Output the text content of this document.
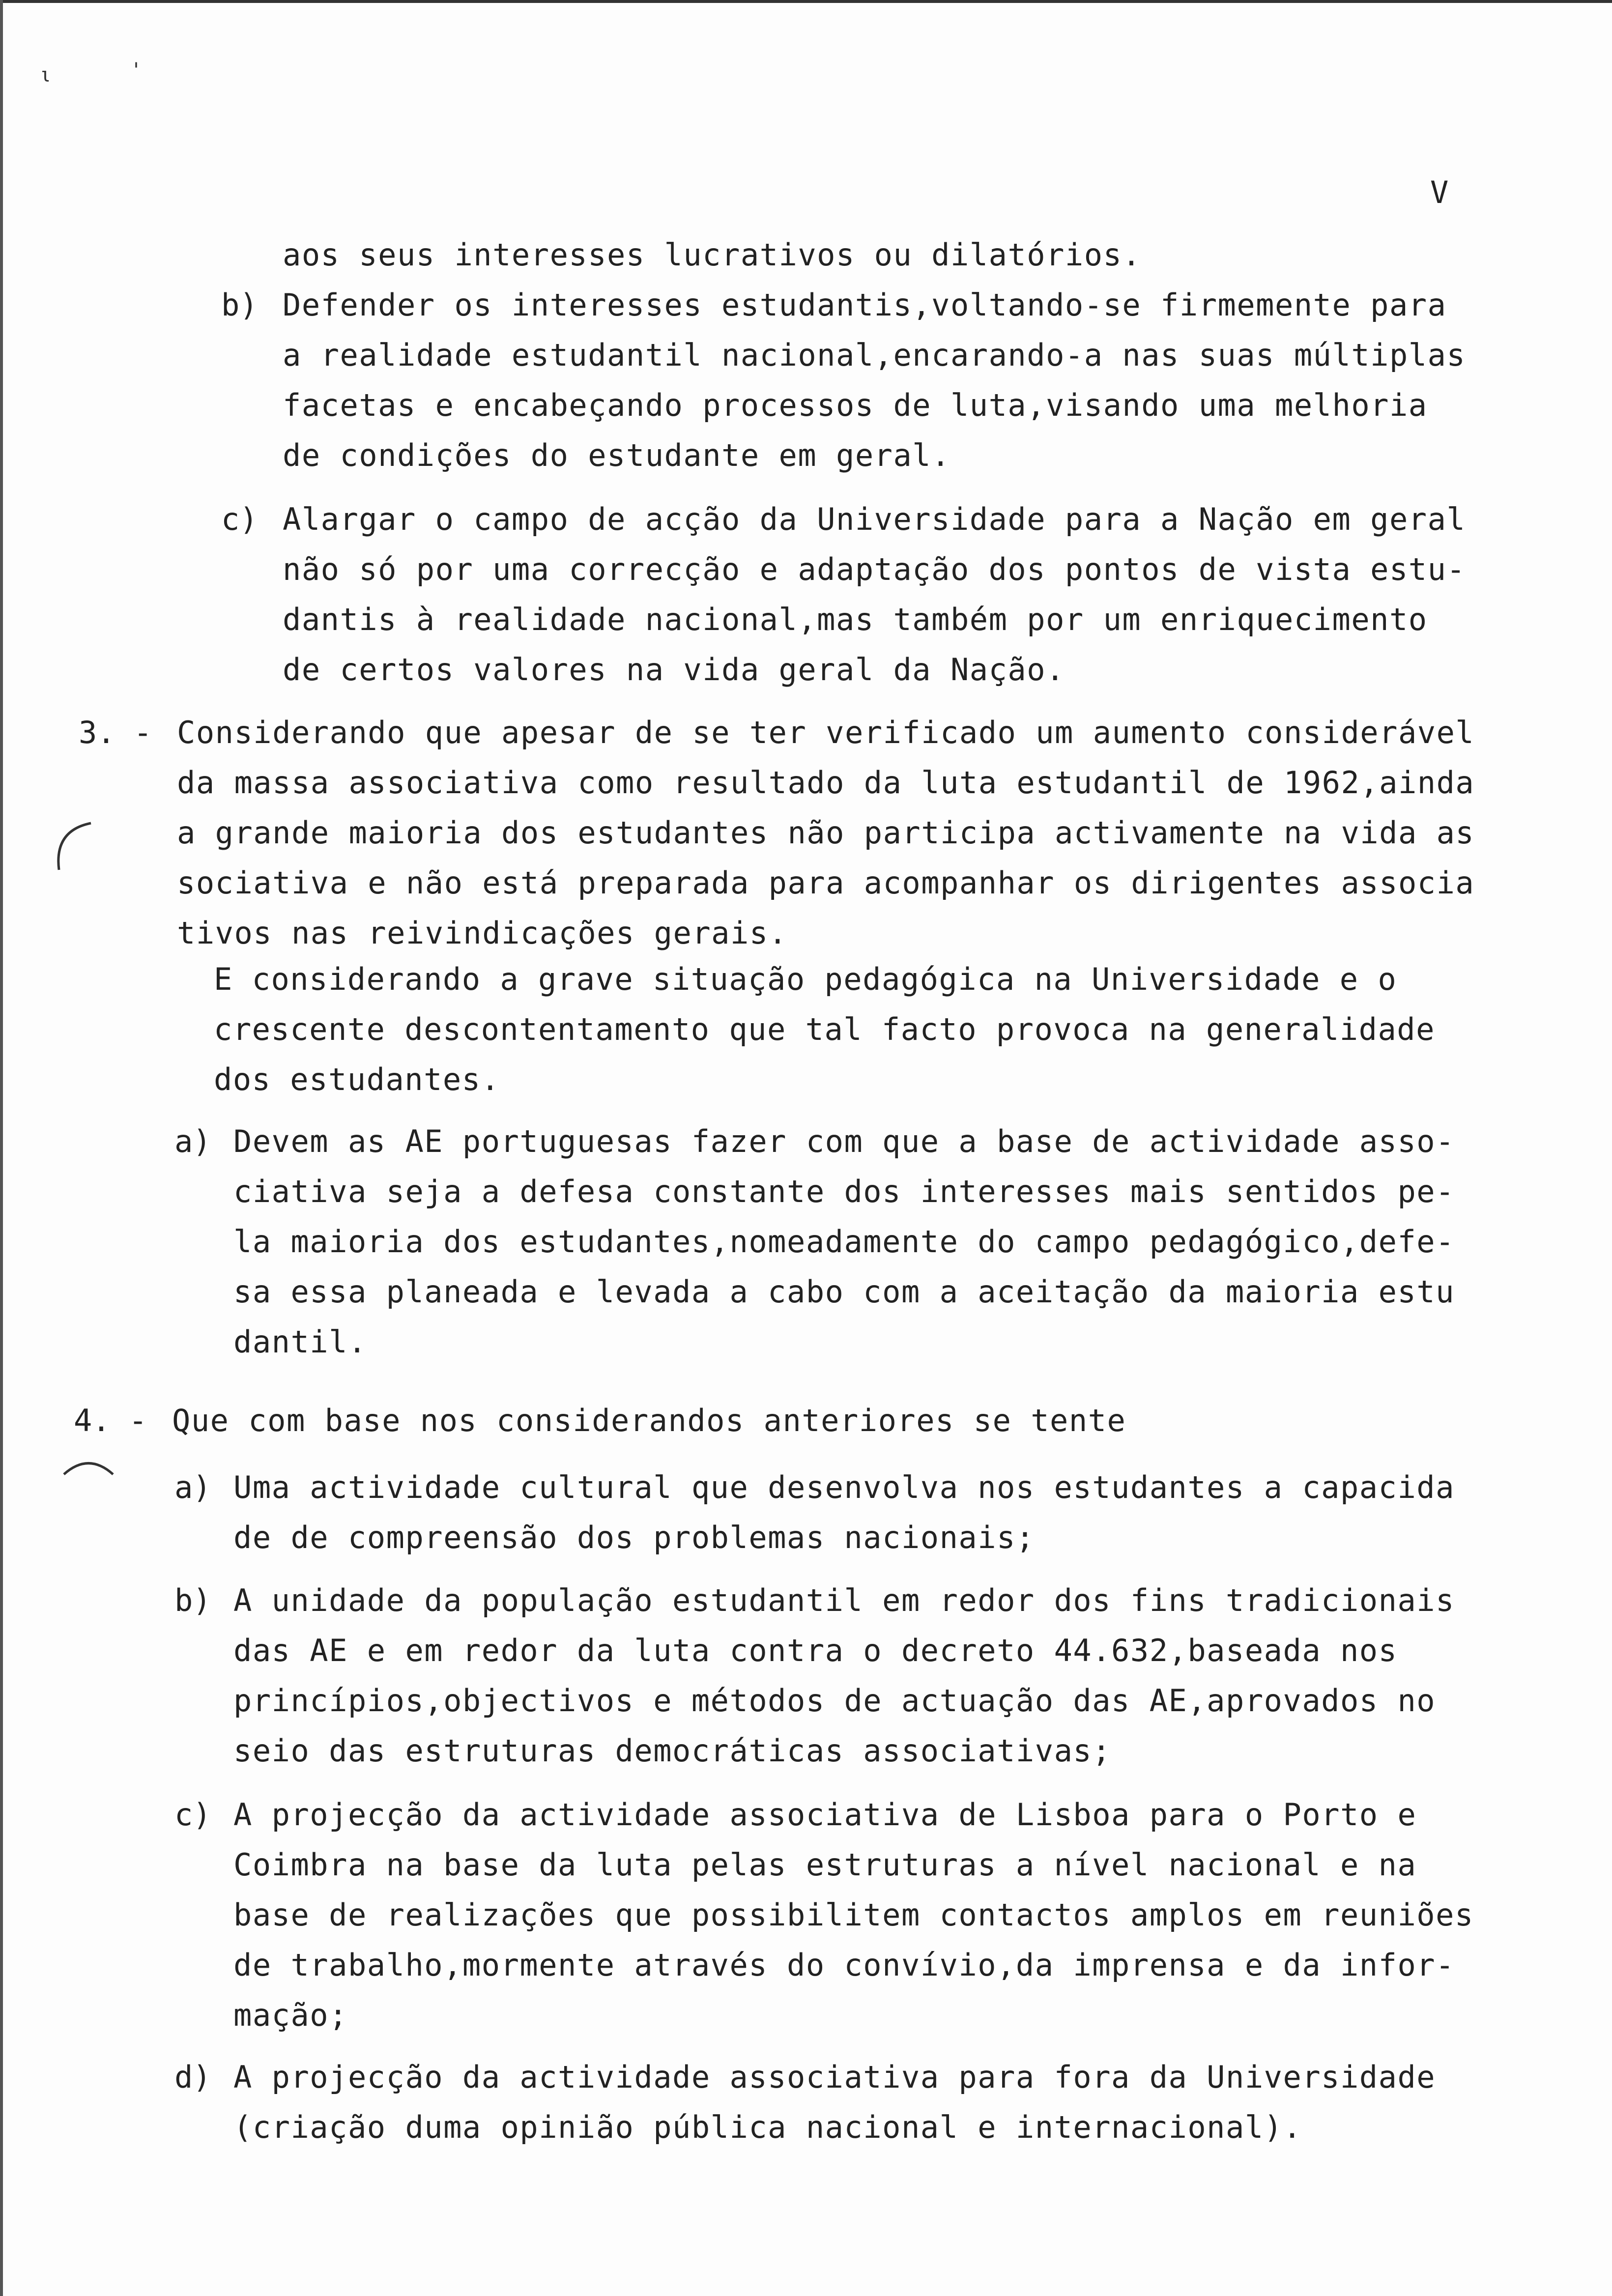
ι	'
V
aos seus interesses lucrativos ou dilatórios.
b) Defender os interesses estudantis,voltando-se firmemente para
a realidade estudantil nacional,encarando-a nas suas múltiplas
facetas e encabeçando processos de luta,visando uma melhoria
de condições do estudante em geral.
c) Alargar o campo de acção da Universidade para a Nação em geral
não só por uma correcção e adaptação dos pontos de vista estu-
dantis à realidade nacional,mas também por um enriquecimento
de certos valores na vida geral da Nação.
3. - Considerando que apesar de se ter verificado um aumento considerável
da massa associativa como resultado da luta estudantil de 1962,ainda
a grande maioria dos estudantes não participa activamente na vida as
sociativa e não está preparada para acompanhar os dirigentes associa
tivos nas reivindicações gerais.
E considerando a grave situação pedagógica na Universidade e o
crescente descontentamento que tal facto provoca na generalidade
dos estudantes.
a) Devem as AE portuguesas fazer com que a base de actividade asso-
ciativa seja a defesa constante dos interesses mais sentidos pe-
la maioria dos estudantes,nomeadamente do campo pedagógico,defe-
sa essa planeada e levada a cabo com a aceitação da maioria estu
dantil.
4. - Que com base nos considerandos anteriores se tente
a) Uma actividade cultural que desenvolva nos estudantes a capacida
de de compreensão dos problemas nacionais;
b) A unidade da população estudantil em redor dos fins tradicionais
das AE e em redor da luta contra o decreto 44.632,baseada nos
princípios,objectivos e métodos de actuação das AE,aprovados no
seio das estruturas democráticas associativas;
c) A projecção da actividade associativa de Lisboa para o Porto e
Coimbra na base da luta pelas estruturas a nível nacional e na
base de realizações que possibilitem contactos amplos em reuniões
de trabalho,mormente através do convívio,da imprensa e da infor-
mação;
d) A projecção da actividade associativa para fora da Universidade
(criação duma opinião pública nacional e internacional).
